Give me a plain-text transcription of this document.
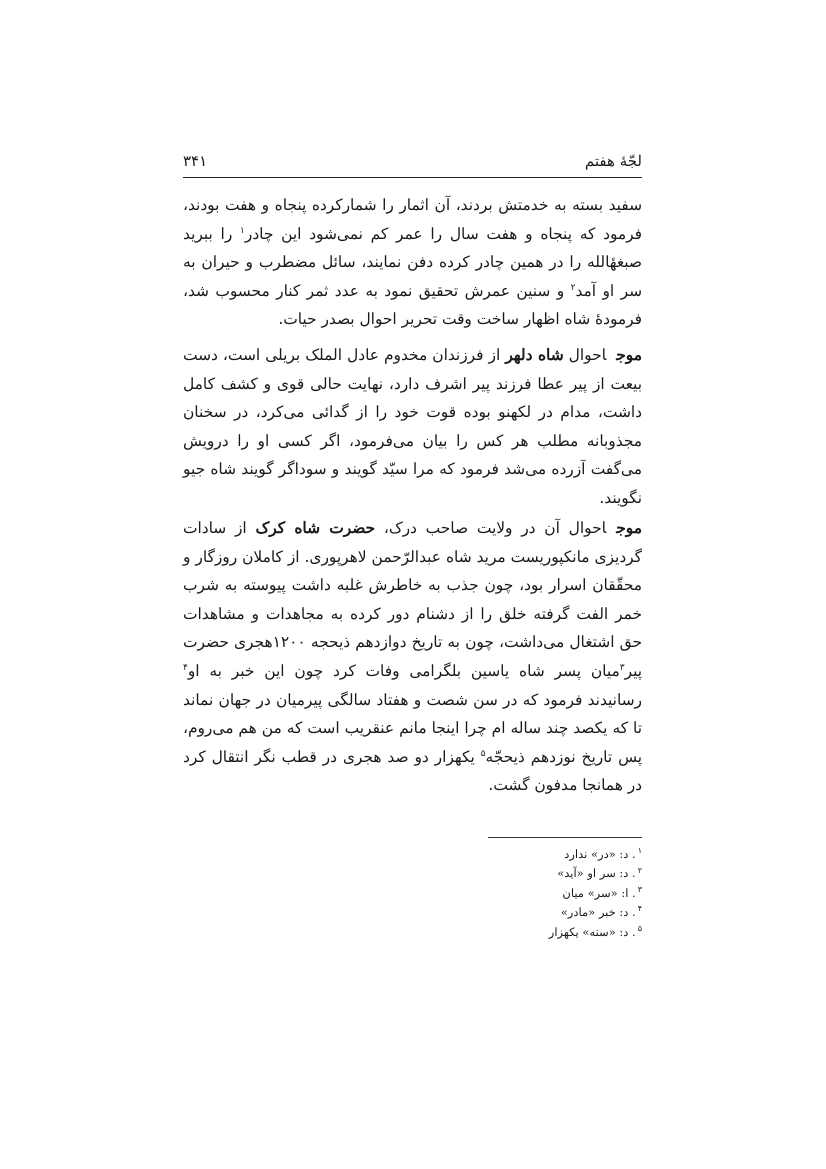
لجّهٔ هفتم
۳۴۱
سفید بسته به خدمتش بردند، آن اثمار را شمارکرده پنجاه و هفت بودند، فرمود که پنجاه و هفت سال را عمر کم نمی‌شود این چادر$^۱$ را ببرید صبغهٔالله را در همین چادر کرده دفن نمایند، سائل مضطرب و حیران به سر او آمد$^۲$ و سنین عمرش تحقیق نمود به عدد ثمر کنار محسوب شد، فرمودهٔ شاه اظهار ساخت وقت تحریر احوال بصدر حیات.
موجاحوال شاه دلهر از فرزندان مخدوم عادل الملک بریلی است، دست بیعت از پیر عطا فرزند پیر اشرف دارد، نهایت حالی قوی و کشف کامل داشت، مدام در لکهنو بوده قوت خود را از گدائی می‌کرد، در سخنان مجذوبانه مطلب هر کس را بیان می‌فرمود، اگر کسی او را درویش می‌گفت آزرده می‌شد فرمود که مرا سیّد گویند و سوداگر گویند شاه جیو نگویند.
موجاحوال آن در ولایت صاحب درک، حضرت شاه کرک از سادات گردیزی مانکپوریست مرید شاه عبدالرّحمن لاهرپوری. از کاملان روزگار و محقّقان اسرار بود، چون جذب به خاطرش غلبه داشت پیوسته به شرب خمر الفت گرفته خلق را از دشنام دور کرده به مجاهدات و مشاهدات حق اشتغال می‌داشت، چون به تاریخ دوازدهم ذیحجه ۱۲۰۰هجری حضرت پیر$^۳$میان پسر شاه یاسین بلگرامی وفات کرد چون این خبر به او$^۴$ رسانیدند فرمود که در سن شصت و هفتاد سالگی پیرمیان در جهان نماند تا که یکصد چند ساله ام چرا اینجا مانم عنقریب است که من هم می‌روم، پس تاریخ نوزدهم ذیحجّه$^۵$ یکهزار دو صد هجری در قطب نگر انتقال کرد در همانجا مدفون گشت.
$^۱$. د: «در» ندارد
$^۲$. د: سر او «آید»
$^۳$. ا: «سر» میان
$^۴$. د: خبر «مادر»
$^۵$. د: «سنه» یکهزار
